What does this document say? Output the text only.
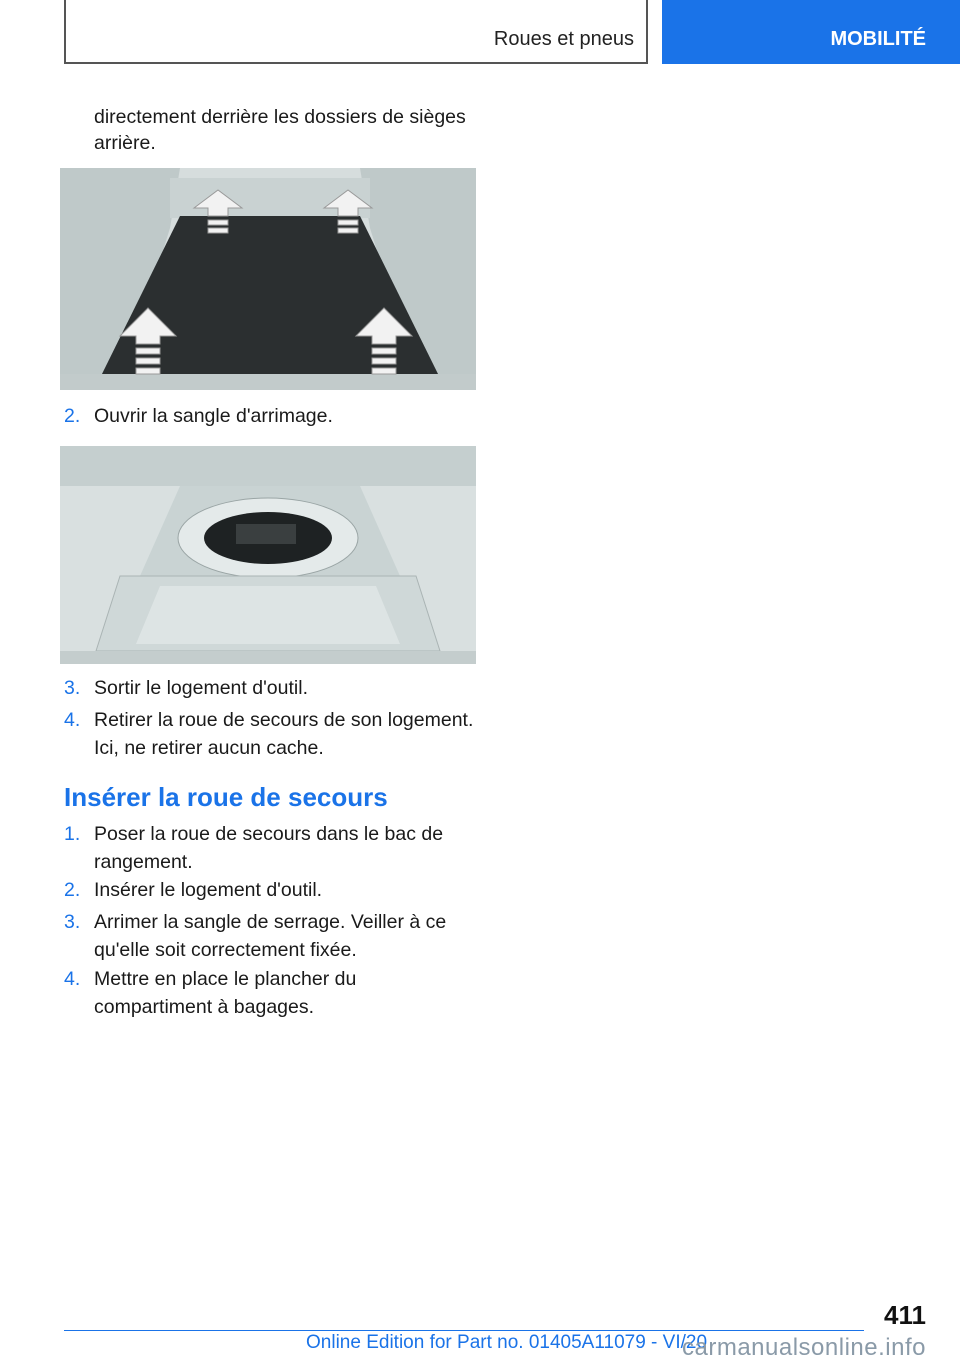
Roues et pneus	MOBILITÉ
directement derrière les dossiers de sièges arrière.
2. Ouvrir la sangle d'arrimage.
3. Sortir le logement d'outil.
4. Retirer la roue de secours de son logement. Ici, ne retirer aucun cache.
Insérer la roue de secours
1. Poser la roue de secours dans le bac de rangement.
2. Insérer le logement d'outil.
3. Arrimer la sangle de serrage. Veiller à ce qu'elle soit correctement fixée.
4. Mettre en place le plancher du compartiment à bagages.
411
Online Edition for Part no. 01405A11079 - VI/20
carmanualsonline.info
